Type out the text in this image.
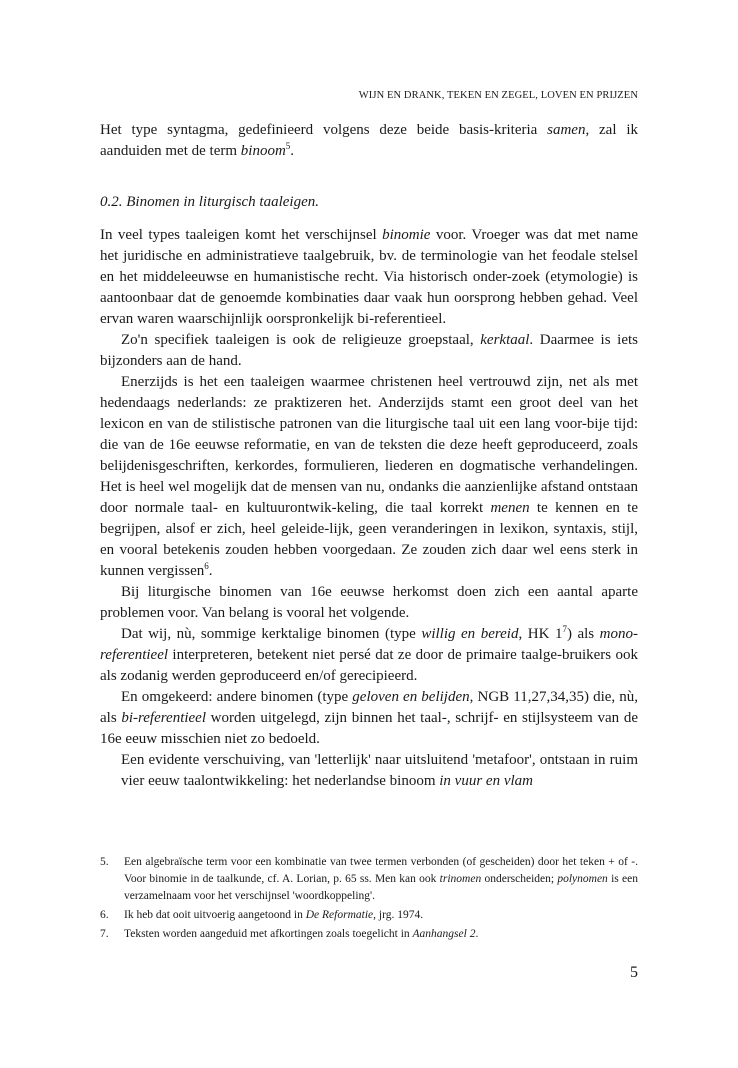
WIJN EN DRANK, TEKEN EN ZEGEL, LOVEN EN PRIJZEN

Het type syntagma, gedefinieerd volgens deze beide basis-kriteria samen, zal ik aanduiden met de term binoom$^5$.

0.2. Binomen in liturgisch taaleigen.

In veel types taaleigen komt het verschijnsel binomie voor. Vroeger was dat met name het juridische en administratieve taalgebruik, bv. de terminologie van het feodale stelsel en het middeleeuwse en humanistische recht. Via historisch onder-zoek (etymologie) is aantoonbaar dat de genoemde kombinaties daar vaak hun oorsprong hebben gehad. Veel ervan waren waarschijnlijk oorspronkelijk bi-referentieel.

Zo'n specifiek taaleigen is ook de religieuze groepstaal, kerktaal. Daarmee is iets bijzonders aan de hand.

Enerzijds is het een taaleigen waarmee christenen heel vertrouwd zijn, net als met hedendaags nederlands: ze praktizeren het. Anderzijds stamt een groot deel van het lexicon en van de stilistische patronen van die liturgische taal uit een lang voor-bije tijd: die van de 16e eeuwse reformatie, en van de teksten die deze heeft geproduceerd, zoals belijdenisgeschriften, kerkordes, formulieren, liederen en dogmatische verhandelingen. Het is heel wel mogelijk dat de mensen van nu, ondanks die aanzienlijke afstand ontstaan door normale taal- en kultuurontwik-keling, die taal korrekt menen te kennen en te begrijpen, alsof er zich, heel geleide-lijk, geen veranderingen in lexikon, syntaxis, stijl, en vooral betekenis zouden hebben voorgedaan. Ze zouden zich daar wel eens sterk in kunnen vergissen$^6$.

Bij liturgische binomen van 16e eeuwse herkomst doen zich een aantal aparte problemen voor. Van belang is vooral het volgende.

Dat wij, nù, sommige kerktalige binomen (type willig en bereid, HK $1^7$) als mono-referentieel interpreteren, betekent niet persé dat ze door de primaire taalge-bruikers ook als zodanig werden geproduceerd en/of gerecipieerd.

En omgekeerd: andere binomen (type geloven en belijden, NGB 11,27,34,35) die, nù, als bi-referentieel worden uitgelegd, zijn binnen het taal-, schrijf- en stijlsysteem van de 16e eeuw misschien niet zo bedoeld.

Een evidente verschuiving, van 'letterlijk' naar uitsluitend 'metafoor', ontstaan in ruim vier eeuw taalontwikkeling: het nederlandse binoom in vuur en vlam

5.	Een algebraïsche term voor een kombinatie van twee termen verbonden (of gescheiden) door het teken + of -. Voor binomie in de taalkunde, cf. A. Lorian, p. 65 ss. Men kan ook trinomen onderscheiden; polynomen is een verzamelnaam voor het verschijnsel 'woordkoppeling'.
6.	Ik heb dat ooit uitvoerig aangetoond in De Reformatie, jrg. 1974.
7.	Teksten worden aangeduid met afkortingen zoals toegelicht in Aanhangsel 2.
5
